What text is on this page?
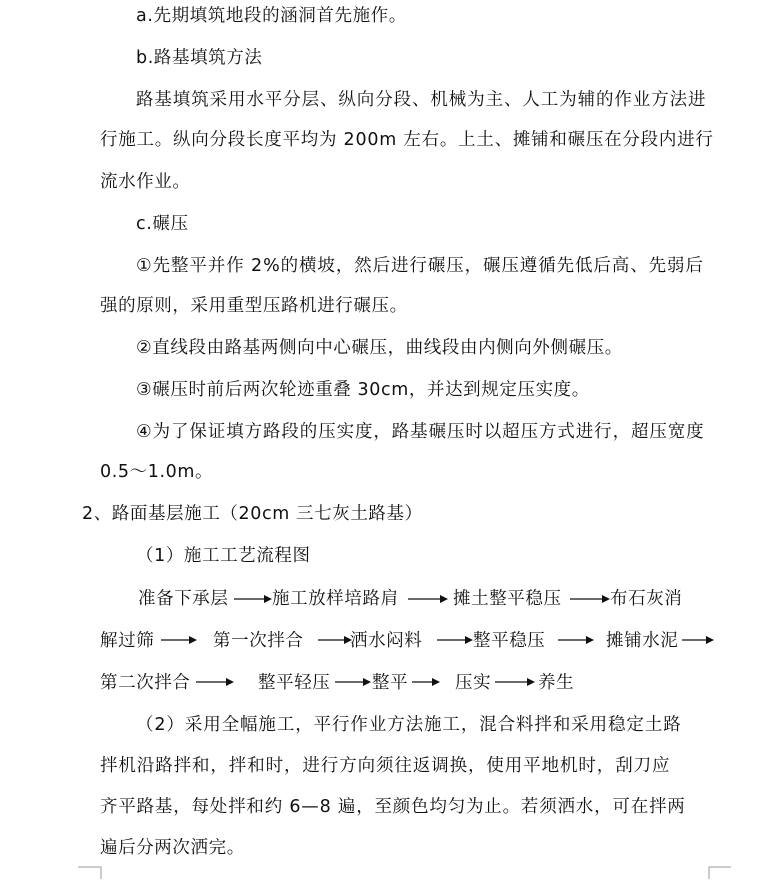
a.先期填筑地段的涵洞首先施作。
b.路基填筑方法
路基填筑采用水平分层、纵向分段、机械为主、人工为辅的作业方法进
行施工。纵向分段长度平均为 200m 左右。上土、摊铺和碾压在分段内进行
流水作业。
c.碾压
①先整平并作 2%的横坡，然后进行碾压，碾压遵循先低后高、先弱后
强的原则，采用重型压路机进行碾压。
②直线段由路基两侧向中心碾压，曲线段由内侧向外侧碾压。
③碾压时前后两次轮迹重叠 30cm，并达到规定压实度。
④为了保证填方路段的压实度，路基碾压时以超压方式进行，超压宽度
0.5～1.0m。
2、路面基层施工（20cm 三七灰土路基）
（1）施工工艺流程图
准备下承层 施工放样培路肩	摊土整平稳压	布石灰消
解过筛	第一次拌合	洒水闷料	整平稳压	摊铺水泥
第二次拌合	整平轻压 整平	压实	养生
（2）采用全幅施工，平行作业方法施工，混合料拌和采用稳定土路
拌机沿路拌和，拌和时，进行方向须往返调换，使用平地机时，刮刀应
齐平路基，每处拌和约 6—8 遍，至颜色均匀为止。若须洒水，可在拌两
遍后分两次洒完。
